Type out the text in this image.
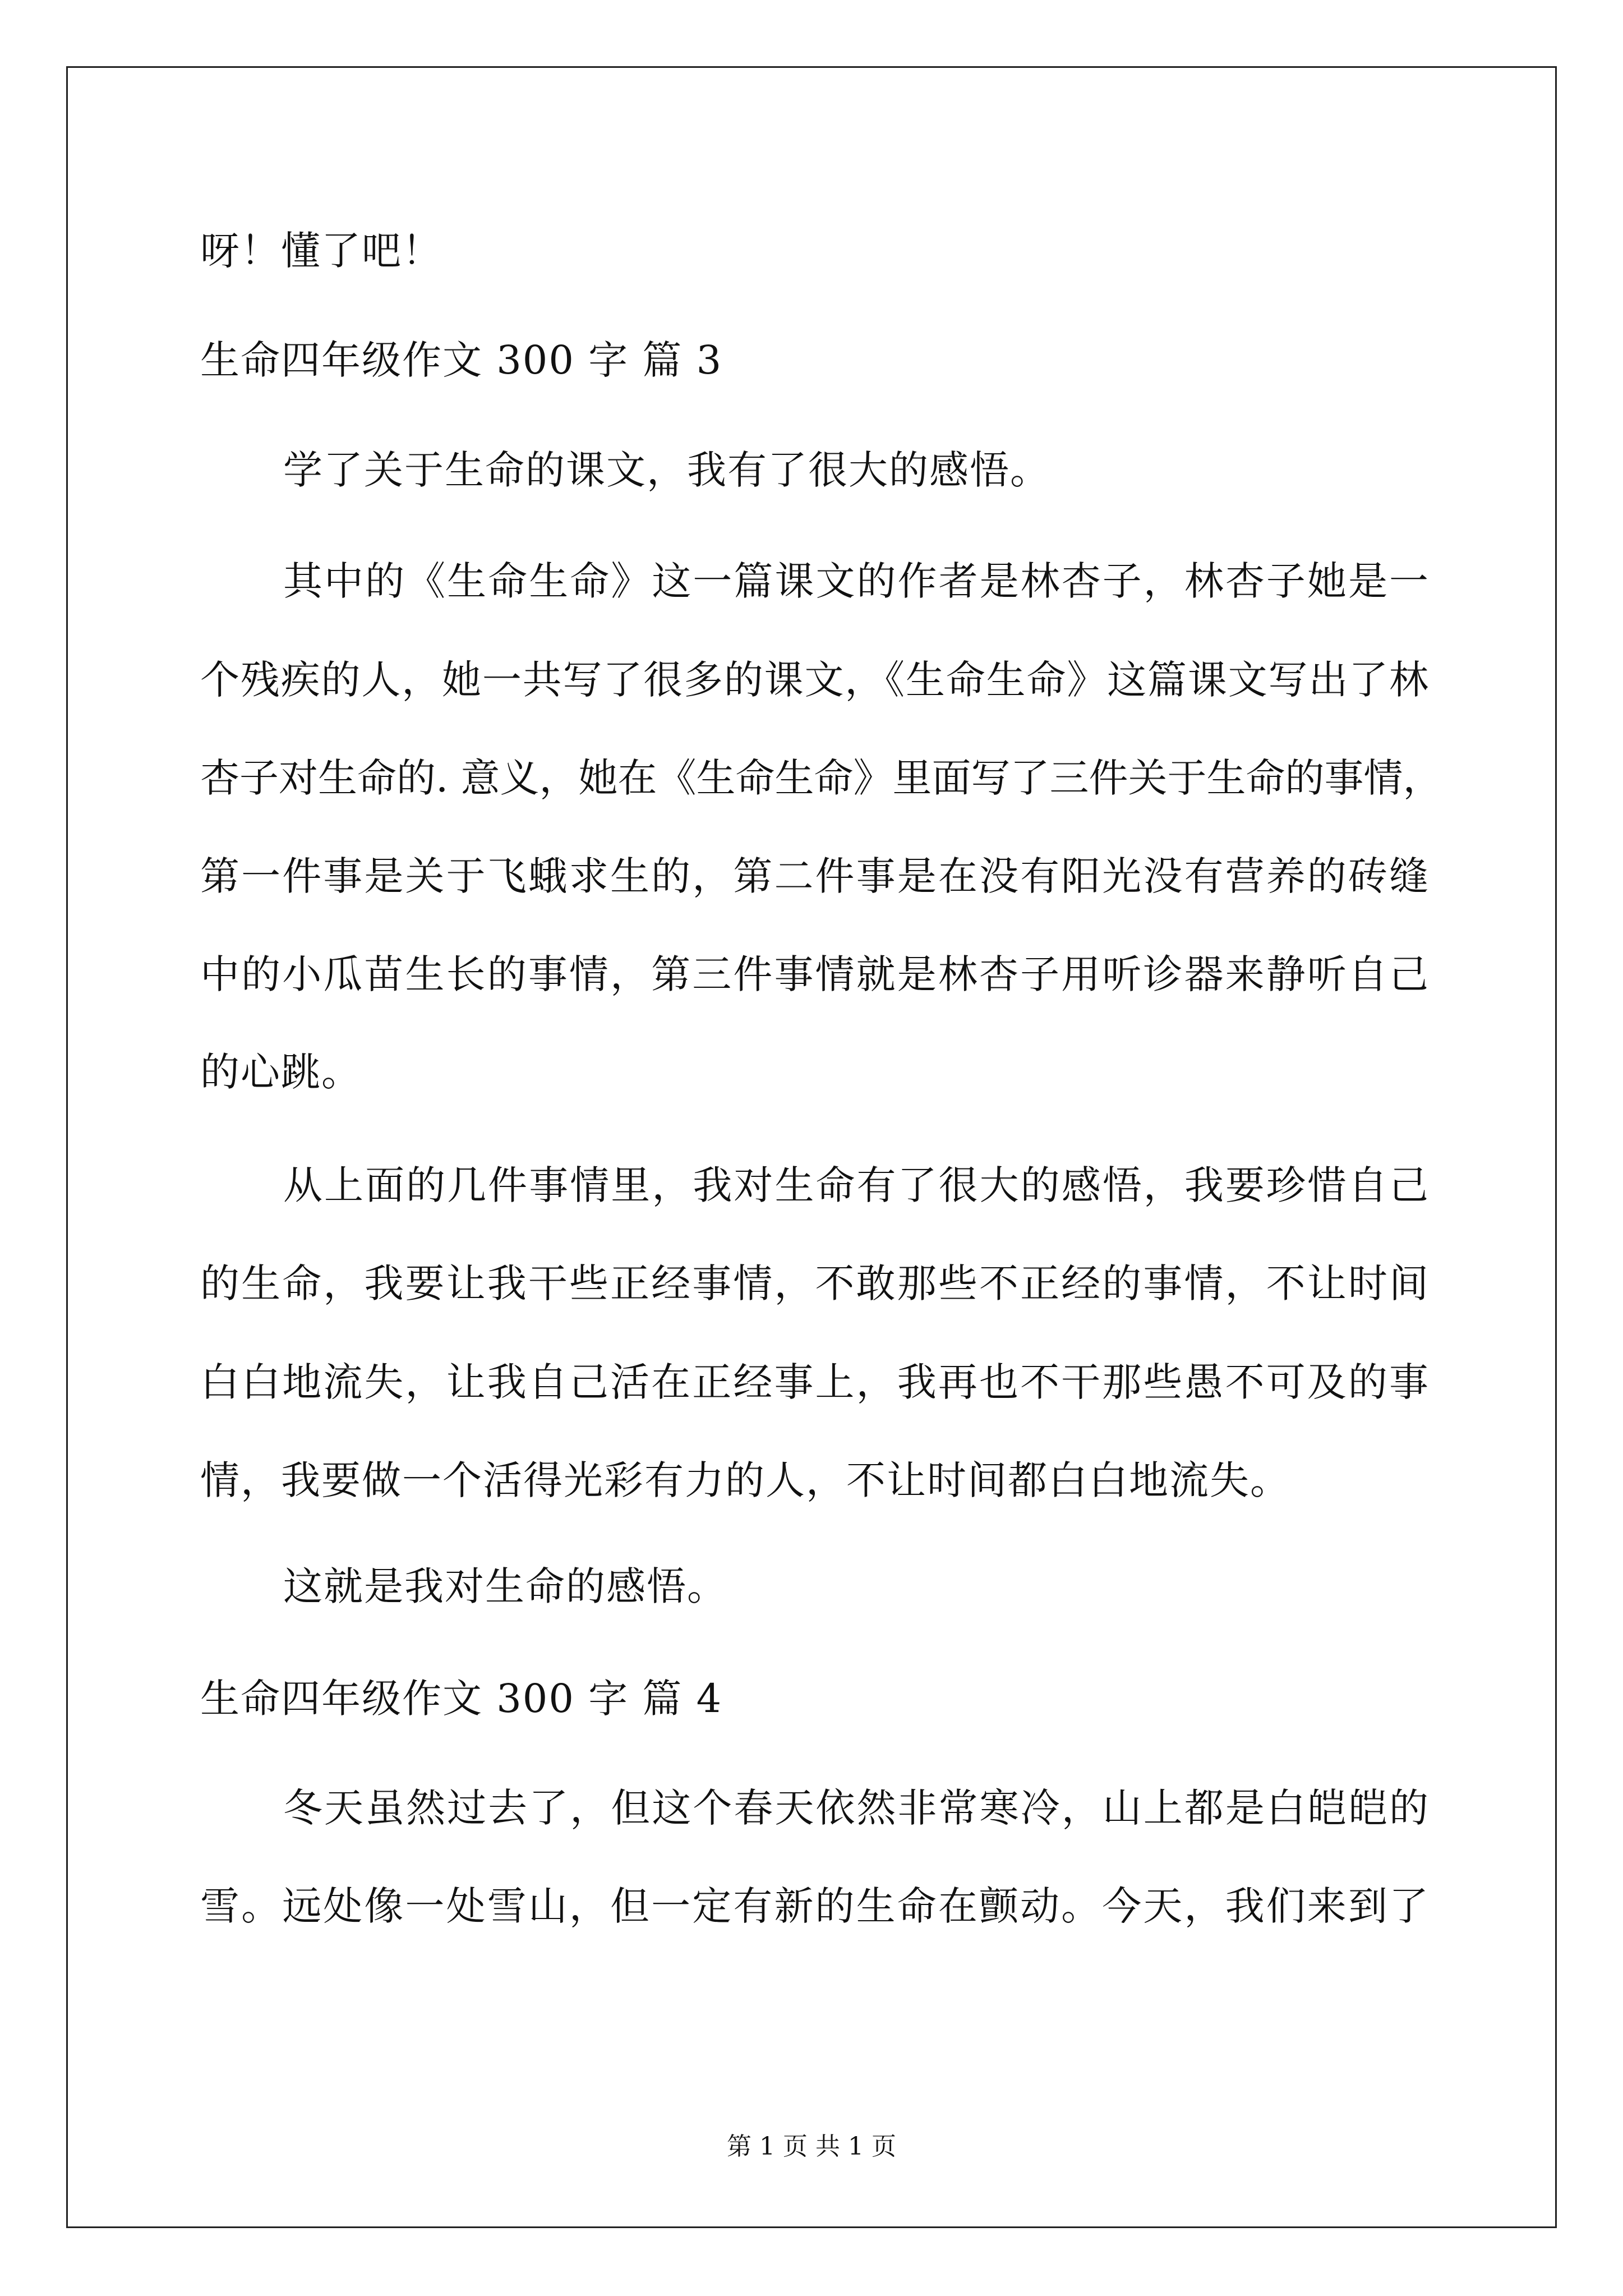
呀！懂了吧！
生命四年级作文 300 字 篇 3
学了关于生命的课文，我有了很大的感悟。
其中的《生命生命》这一篇课文的作者是林杏子，林杏子她是一
个残疾的人，她一共写了很多的课文，《生命生命》这篇课文写出了林
杏子对生命的. 意义，她在《生命生命》里面写了三件关于生命的事情，
第一件事是关于飞蛾求生的，第二件事是在没有阳光没有营养的砖缝
中的小瓜苗生长的事情，第三件事情就是林杏子用听诊器来静听自己
的心跳。
从上面的几件事情里，我对生命有了很大的感悟，我要珍惜自己
的生命，我要让我干些正经事情，不敢那些不正经的事情，不让时间
白白地流失，让我自己活在正经事上，我再也不干那些愚不可及的事
情，我要做一个活得光彩有力的人，不让时间都白白地流失。
这就是我对生命的感悟。
生命四年级作文 300 字 篇 4
冬天虽然过去了，但这个春天依然非常寒冷，山上都是白皑皑的
雪。远处像一处雪山，但一定有新的生命在颤动。今天，我们来到了
第 1 页 共 1 页
